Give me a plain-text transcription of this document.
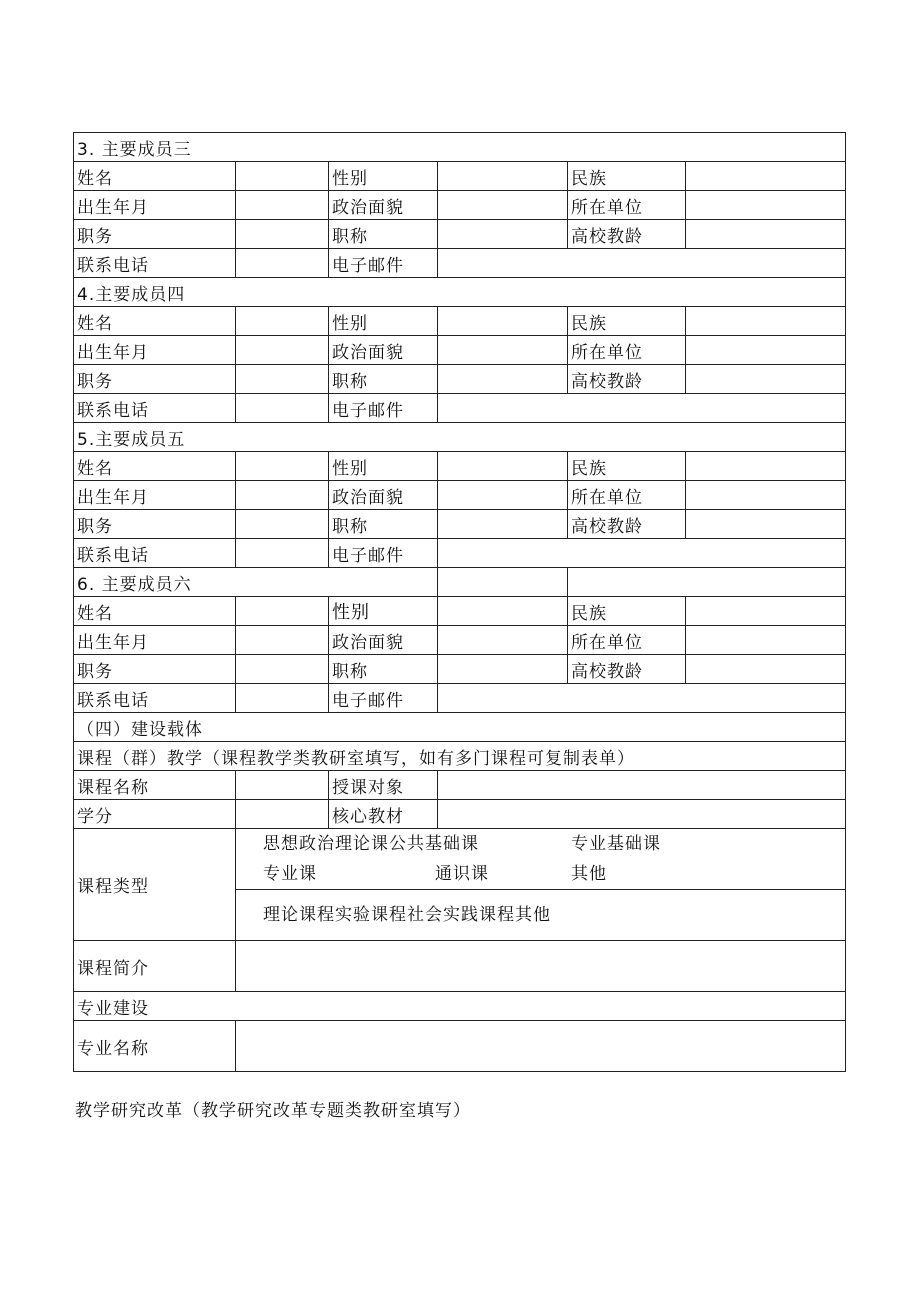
3. 主要成员三					
姓名		性别		民族	
出生年月		政治面貌		所在单位	
职务		职称		高校教龄	
联系电话		电子邮件			
4.主要成员四					
姓名		性别		民族	
出生年月		政治面貌		所在单位	
职务		职称		高校教龄	
联系电话		电子邮件			
5.主要成员五					
姓名		性别		民族	
出生年月		政治面貌		所在单位	
职务		职称		高校教龄	
联系电话		电子邮件			
6. 主要成员六					
姓名		性别		民族	
出生年月		政治面貌		所在单位	
职务		职称		高校教龄	
联系电话		电子邮件			
（四）建设载体					
课程（群）教学（课程教学类教研室填写，如有多门课程可复制表单）					
课程名称		授课对象			
学分		核心教材			
课程类型	思想政治理论课公共基础课 专业基础课
专业课 通识课 其他				

	理论课程实验课程社会实践课程其他				

课程简介					
专业建设					
专业名称					
教学研究改革（教学研究改革专题类教研室填写）
